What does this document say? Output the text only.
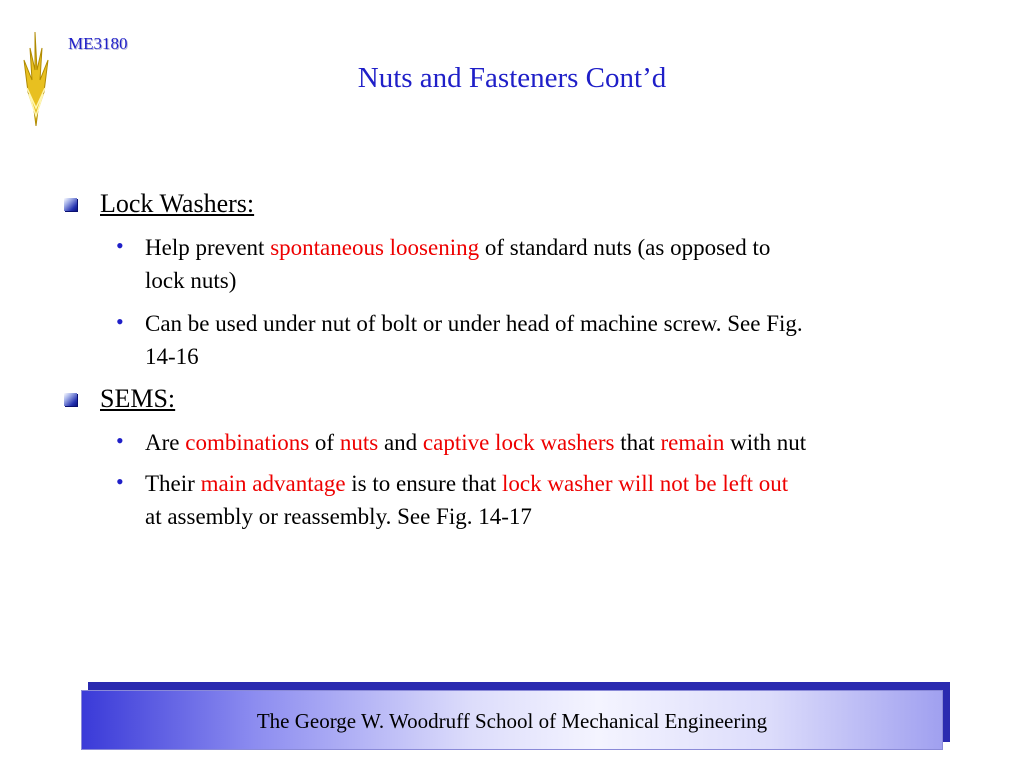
ME3180
Nuts and Fasteners Cont’d
Lock Washers:
• Help prevent spontaneous loosening of standard nuts (as opposed to
lock nuts)
• Can be used under nut of bolt or under head of machine screw. See Fig.
14-16
SEMS:
• Are combinations of nuts and captive lock washers that remain with nut
• Their main advantage is to ensure that lock washer will not be left out
at assembly or reassembly. See Fig. 14-17
The George W. Woodruff School of Mechanical Engineering
